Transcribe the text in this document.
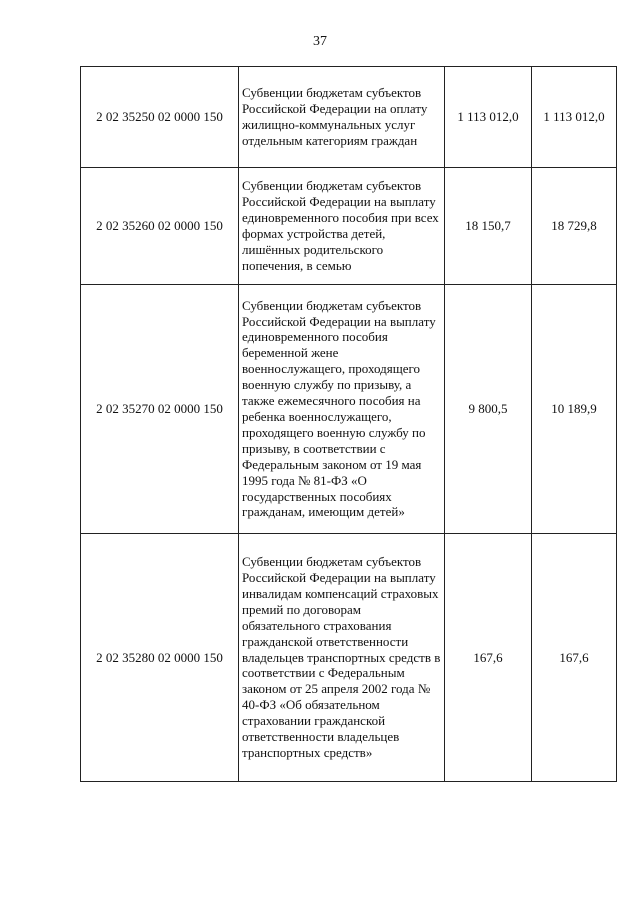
37
2 02 35250 02 0000 150	Субвенции бюджетам субъектов Российской Федерации на оплату жилищно-коммунальных услуг отдельным категориям граждан	1 113 012,0	1 113 012,0
2 02 35260 02 0000 150	Субвенции бюджетам субъектов Российской Федерации на выплату единовременного пособия при всех формах устройства детей, лишённых родительского попечения, в семью	18 150,7	18 729,8
2 02 35270 02 0000 150	Субвенции бюджетам субъектов Российской Федерации на выплату единовременного пособия беременной жене военнослужащего, проходящего военную службу по призыву, а также ежемесячного пособия на ребенка военнослужащего, проходящего военную службу по призыву, в соответствии с Федеральным законом от 19 мая 1995 года № 81-ФЗ «О государственных пособиях гражданам, имеющим детей»	9 800,5	10 189,9
2 02 35280 02 0000 150	Субвенции бюджетам субъектов Российской Федерации на выплату инвалидам компенсаций страховых премий по договорам обязательного страхования гражданской ответственности владельцев транспортных средств в соответствии с Федеральным законом от 25 апреля 2002 года № 40-ФЗ «Об обязательном страховании гражданской ответственности владельцев транспортных средств»	167,6	167,6
